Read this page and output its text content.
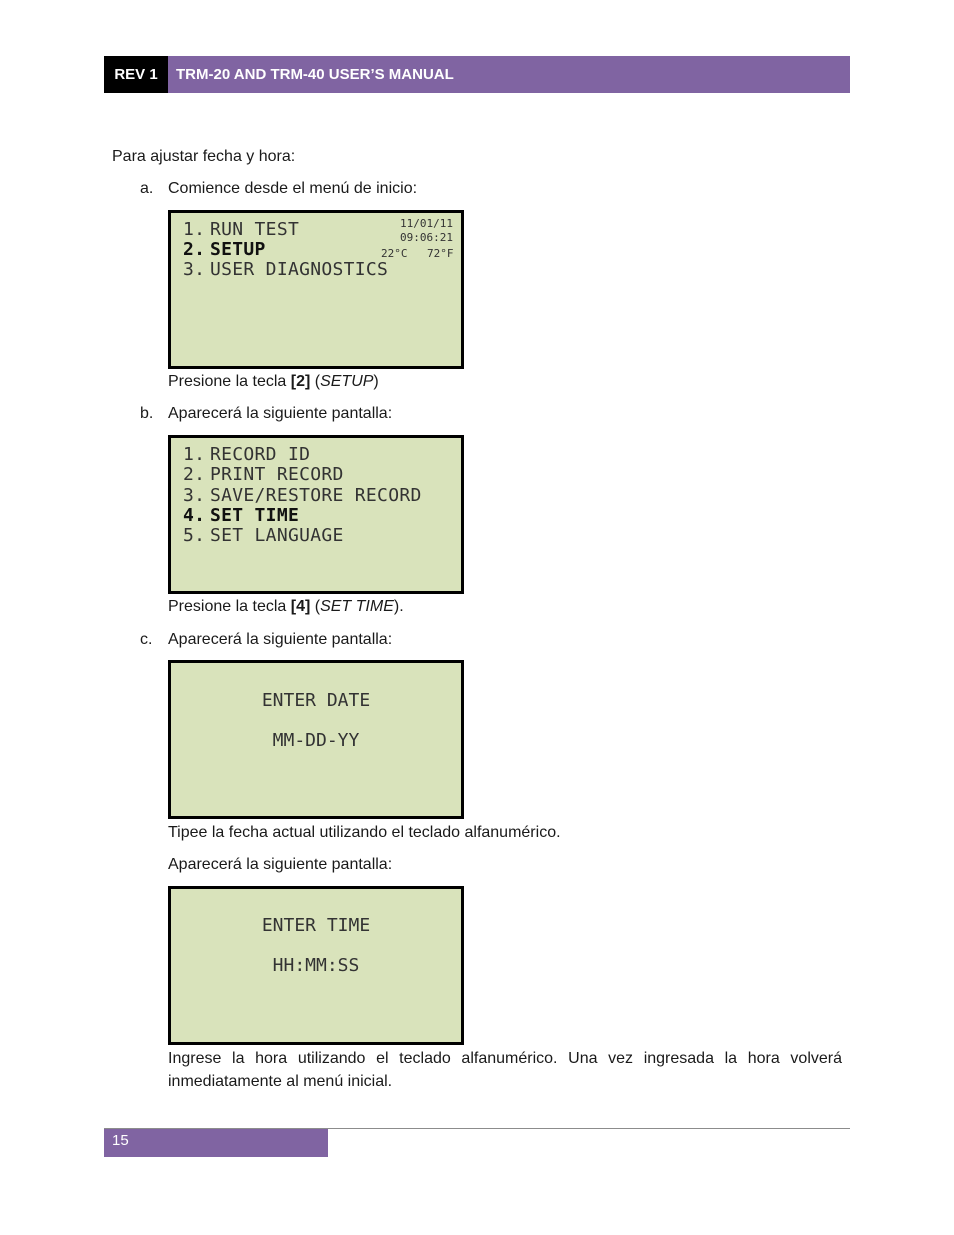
REV 1	TRM-20 AND TRM-40 USER’S MANUAL
Para ajustar fecha y hora:
a. Comience desde el menú de inicio:
1. RUN TEST
2. SETUP
3. USER DIAGNOSTICS
11/01/11
09:06:21
22°C 72°F
Presione la tecla [2] (SETUP)
b. Aparecerá la siguiente pantalla:
1. RECORD ID
2. PRINT RECORD
3. SAVE/RESTORE RECORD
4. SET TIME
5. SET LANGUAGE
Presione la tecla [4] (SET TIME).
c. Aparecerá la siguiente pantalla:
ENTER DATE
MM-DD-YY
Tipee la fecha actual utilizando el teclado alfanumérico.
Aparecerá la siguiente pantalla:
ENTER TIME
HH:MM:SS
Ingrese la hora utilizando el teclado alfanumérico. Una vez ingresada la hora volverá inmediatamente al menú inicial.
15
